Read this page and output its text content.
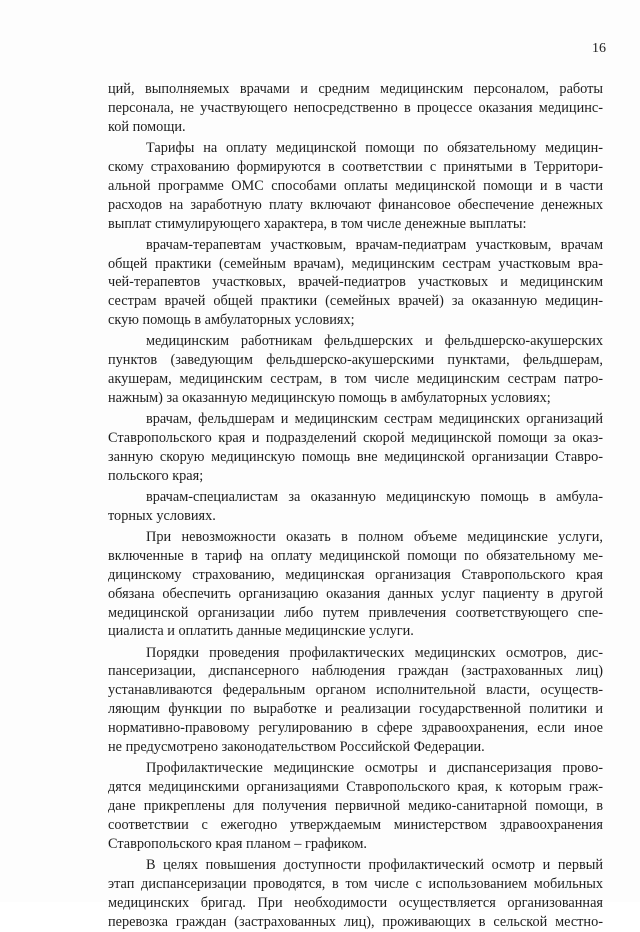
16
ций, выполняемых врачами и средним медицинским персоналом, работы
персонала, не участвующего непосредственно в процессе оказания медицинс-
кой помощи.
Тарифы на оплату медицинской помощи по обязательному медицин-
скому страхованию формируются в соответствии с принятыми в Территори-
альной программе ОМС способами оплаты медицинской помощи и в части
расходов на заработную плату включают финансовое обеспечение денежных
выплат стимулирующего характера, в том числе денежные выплаты:
врачам-терапевтам участковым, врачам-педиатрам участковым, врачам
общей практики (семейным врачам), медицинским сестрам участковым вра-
чей-терапевтов участковых, врачей-педиатров участковых и медицинским
сестрам врачей общей практики (семейных врачей) за оказанную медицин-
скую помощь в амбулаторных условиях;
медицинским работникам фельдшерских и фельдшерско-акушерских
пунктов (заведующим фельдшерско-акушерскими пунктами, фельдшерам,
акушерам, медицинским сестрам, в том числе медицинским сестрам патро-
нажным) за оказанную медицинскую помощь в амбулаторных условиях;
врачам, фельдшерам и медицинским сестрам медицинских организаций
Ставропольского края и подразделений скорой медицинской помощи за оказ-
занную скорую медицинскую помощь вне медицинской организации Ставро-
польского края;
врачам-специалистам за оказанную медицинскую помощь в амбула-
торных условиях.
При невозможности оказать в полном объеме медицинские услуги,
включенные в тариф на оплату медицинской помощи по обязательному ме-
дицинскому страхованию, медицинская организация Ставропольского края
обязана обеспечить организацию оказания данных услуг пациенту в другой
медицинской организации либо путем привлечения соответствующего спе-
циалиста и оплатить данные медицинские услуги.
Порядки проведения профилактических медицинских осмотров, дис-
пансеризации, диспансерного наблюдения граждан (застрахованных лиц)
устанавливаются федеральным органом исполнительной власти, осуществ-
ляющим функции по выработке и реализации государственной политики и
нормативно-правовому регулированию в сфере здравоохранения, если иное
не предусмотрено законодательством Российской Федерации.
Профилактические медицинские осмотры и диспансеризация прово-
дятся медицинскими организациями Ставропольского края, к которым граж-
дане прикреплены для получения первичной медико-санитарной помощи, в
соответствии с ежегодно утверждаемым министерством здравоохранения
Ставропольского края планом – графиком.
В целях повышения доступности профилактический осмотр и первый
этап диспансеризации проводятся, в том числе с использованием мобильных
медицинских бригад. При необходимости осуществляется организованная
перевозка граждан (застрахованных лиц), проживающих в сельской местно-
